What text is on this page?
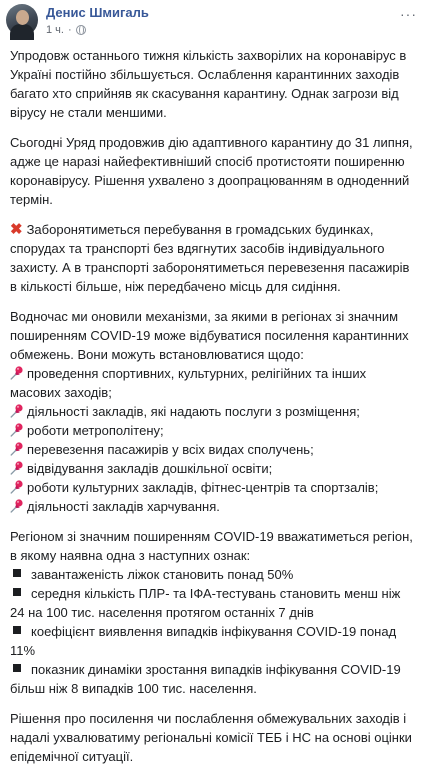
Денис Шмигаль
1 ч. ·
···

Упродовж останнього тижня кількість захворілих на коронавірус в Україні постійно збільшується. Ослаблення карантинних заходів багато хто сприйняв як скасування карантину. Однак загрози від вірусу не стали меншими.

Сьогодні Уряд продовжив дію адаптивного карантину до 31 липня, адже це наразі найефективніший спосіб протистояти поширенню коронавірусу. Рішення ухвалено з доопрацюванням в одноденний термін.

✖ Заборонятиметься перебування в громадських будинках, спорудах та транспорті без вдягнутих засобів індивідуального захисту. А в транспорті заборонятиметься перевезення пасажирів в кількості більше, ніж передбачено місць для сидіння.

Водночас ми оновили механізми, за якими в регіонах зі значним поширенням COVID-19 може відбуватися посилення карантинних обмежень. Вони можуть встановлюватися щодо:

проведення спортивних, культурних, релігійних та інших масових заходів;
діяльності закладів, які надають послуги з розміщення;
роботи метрополітену;
перевезення пасажирів у всіх видах сполучень;
відвідування закладів дошкільної освіти;
роботи культурних закладів, фітнес-центрів та спортзалів;
діяльності закладів харчування.

Регіоном зі значним поширенням COVID-19 вважатиметься регіон, в якому наявна одна з наступних ознак:

завантаженість ліжок становить понад 50%
середня кількість ПЛР- та ІФА-тестувань становить менш ніж 24 на 100 тис. населення протягом останніх 7 днів
коефіцієнт виявлення випадків інфікування COVID-19 понад 11%
показник динаміки зростання випадків інфікування COVID-19 більш ніж 8 випадків 100 тис. населення.

Рішення про посилення чи послаблення обмежувальних заходів і надалі ухвалюватиму регіональні комісії ТЕБ і НС на основі оцінки епідемічної ситуації.
